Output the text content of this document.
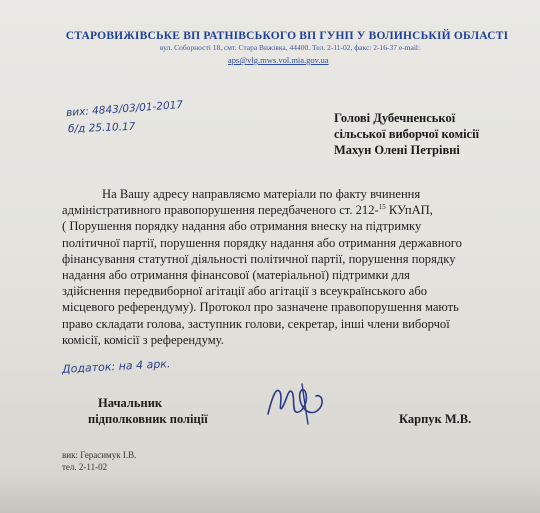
СТАРОВИЖІВСЬКЕ ВП РАТНІВСЬКОГО ВП ГУНП У ВОЛИНСЬКІЙ ОБЛАСТІ
вул. Соборності 18, смт. Стара Вижівка, 44400. Тел. 2-11-02, факс: 2-16-37 e-mail:
aps@vlg.mws.vol.mia.gov.ua
вих: 4843/03/01-2017
б/д 25.10.17
Голові Дубечненської
сільської виборчої комісії
Махун Олені Петрівні
На Вашу адресу направляємо матеріали по факту вчинення
адміністративного правопорушення передбаченого ст. 212-$^{15}$ КУпАП,
( Порушення порядку надання або отримання внеску на підтримку
політичної партії, порушення порядку надання або отримання державного
фінансування статутної діяльності політичної партії, порушення порядку
надання або отримання фінансової (матеріальної) підтримки для
здійснення передвиборної агітації або агітації з всеукраїнського або
місцевого референдуму). Протокол про зазначене правопорушення мають
право складати голова, заступник голови, секретар, інші члени виборчої
комісії, комісії з референдуму.
Додаток: на 4 арк.
Начальник
підполковник поліції	Карпук М.В.
вик: Герасимук І.В.
тел. 2-11-02
